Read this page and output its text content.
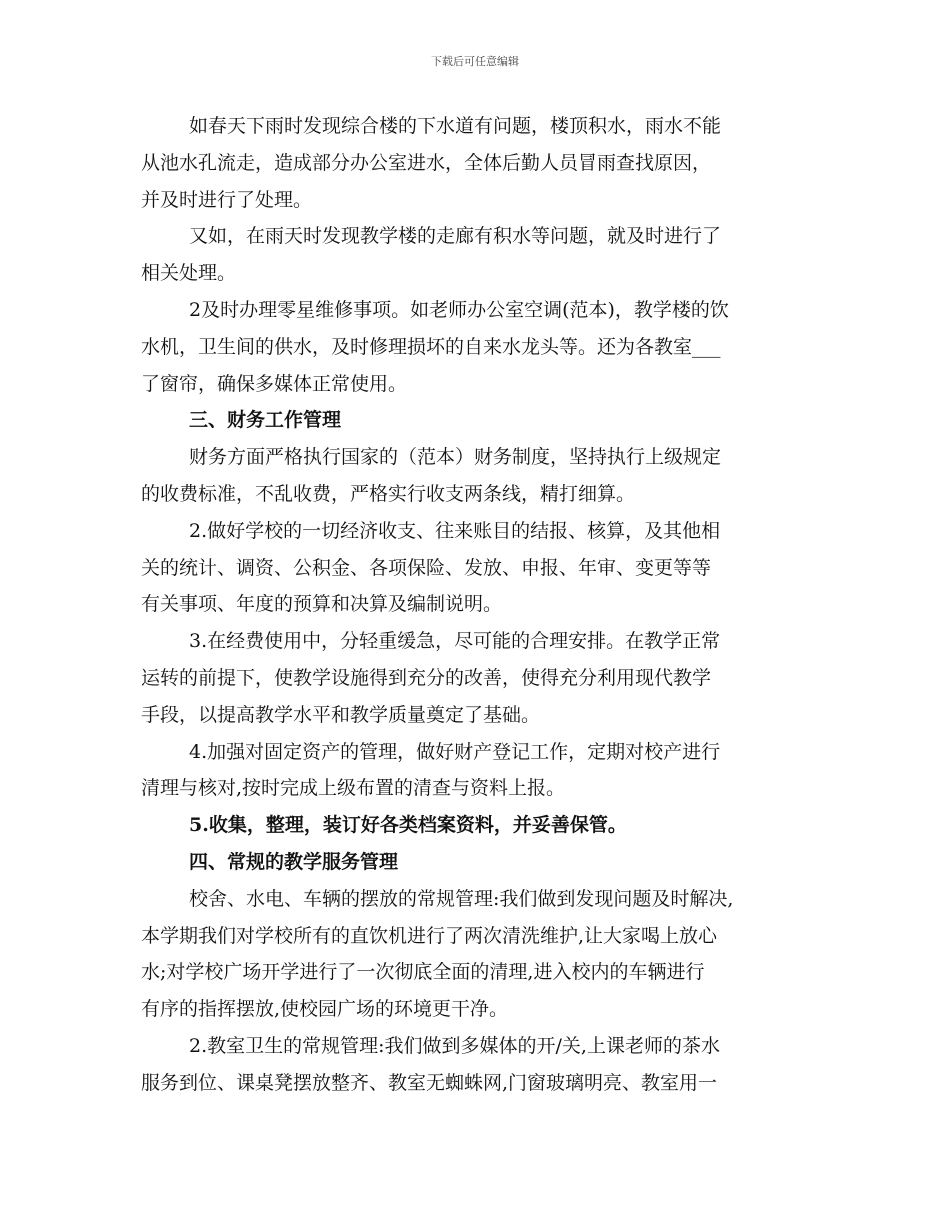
下载后可任意编辑

如春天下雨时发现综合楼的下水道有问题，楼顶积水，雨水不能

从池水孔流走，造成部分办公室进水，全体后勤人员冒雨查找原因，

并及时进行了处理。

又如，在雨天时发现教学楼的走廊有积水等问题，就及时进行了

相关处理。

2及时办理零星维修事项。如老师办公室空调(范本)，教学楼的饮

水机，卫生间的供水，及时修理损坏的自来水龙头等。还为各教室___

了窗帘，确保多媒体正常使用。

三、财务工作管理

财务方面严格执行国家的（范本）财务制度，坚持执行上级规定

的收费标准，不乱收费，严格实行收支两条线，精打细算。

2.做好学校的一切经济收支、往来账目的结报、核算，及其他相

关的统计、调资、公积金、各项保险、发放、申报、年审、变更等等

有关事项、年度的预算和决算及编制说明。

3.在经费使用中，分轻重缓急，尽可能的合理安排。在教学正常

运转的前提下，使教学设施得到充分的改善，使得充分利用现代教学

手段，以提高教学水平和教学质量奠定了基础。

4.加强对固定资产的管理，做好财产登记工作，定期对校产进行

清理与核对,按时完成上级布置的清查与资料上报。

5.收集，整理，装订好各类档案资料，并妥善保管。

四、常规的教学服务管理

校舍、水电、车辆的摆放的常规管理:我们做到发现问题及时解决,

本学期我们对学校所有的直饮机进行了两次清洗维护,让大家喝上放心

水;对学校广场开学进行了一次彻底全面的清理,进入校内的车辆进行

有序的指挥摆放,使校园广场的环境更干净。

2.教室卫生的常规管理:我们做到多媒体的开/关,上课老师的茶水

服务到位、课桌凳摆放整齐、教室无蜘蛛网,门窗玻璃明亮、教室用一
